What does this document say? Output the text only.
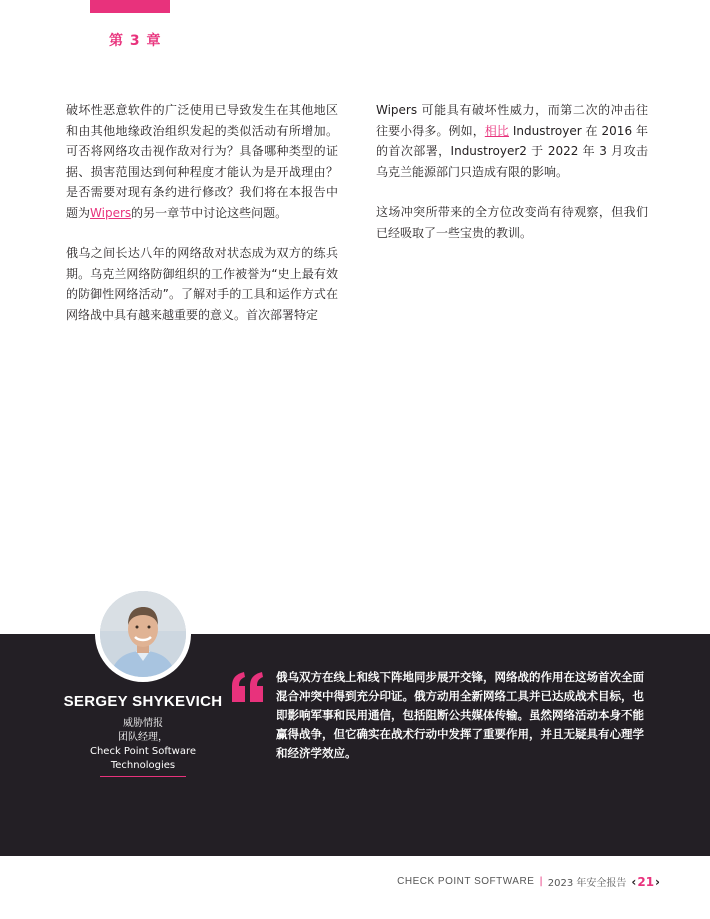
第 3 章

破坏性恶意软件的广泛使用已导致发生在其他地区和由其他地缘政治组织发起的类似活动有所增加。可否将网络攻击视作敌对行为？具备哪种类型的证据、损害范围达到何种程度才能认为是开战理由？是否需要对现有条约进行修改？我们将在本报告中题为Wipers的另一章节中讨论这些问题。

俄乌之间长达八年的网络敌对状态成为双方的练兵期。乌克兰网络防御组织的工作被誉为“史上最有效的防御性网络活动”。了解对手的工具和运作方式在网络战中具有越来越重要的意义。首次部署特定

Wipers 可能具有破坏性威力，而第二次的冲击往往要小得多。例如，相比 Industroyer 在 2016 年的首次部署，Industroyer2 于 2022 年 3 月攻击乌克兰能源部门只造成有限的影响。

这场冲突所带来的全方位改变尚有待观察，但我们已经吸取了一些宝贵的教训。

SERGEY SHYKEVICH
威胁情报
团队经理，
Check Point Software
Technologies
俄乌双方在线上和线下阵地同步展开交锋，网络战的作用在这场首次全面混合冲突中得到充分印证。俄方动用全新网络工具并已达成战术目标，也即影响军事和民用通信，包括阻断公共媒体传输。虽然网络活动本身不能赢得战争，但它确实在战术行动中发挥了重要作用，并且无疑具有心理学和经济学效应。
CHECK POINT SOFTWARE | 2023 年安全报告 ‹ 21 ›
